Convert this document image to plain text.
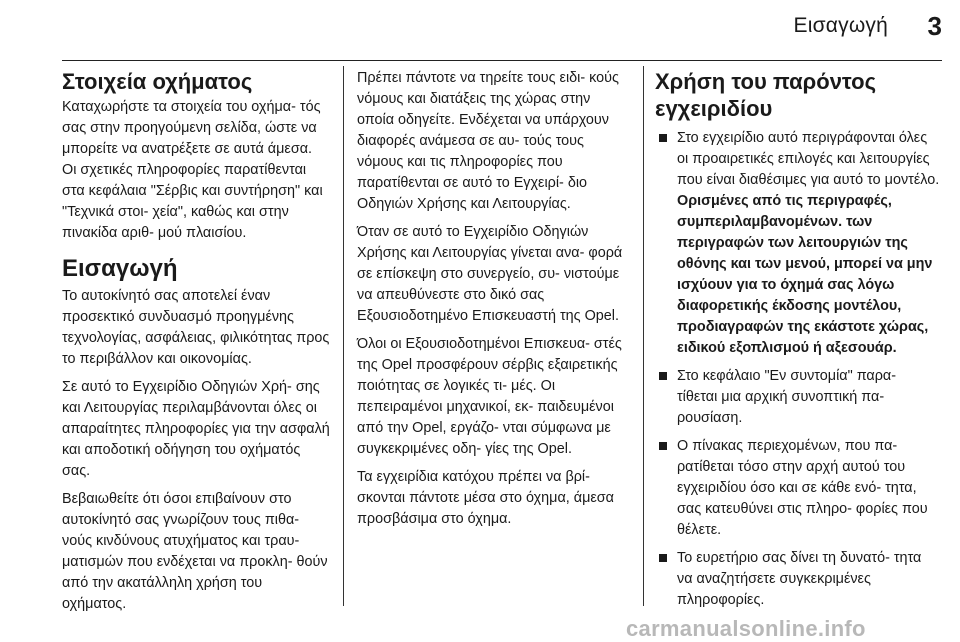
Εισαγωγή 3
Στοιχεία οχήματος

Καταχωρήστε τα στοιχεία του οχήμα- τός σας στην προηγούμενη σελίδα, ώστε να μπορείτε να ανατρέξετε σε αυτά άμεσα. Οι σχετικές πληροφορίες παρατίθενται στα κεφάλαια "Σέρβις και συντήρηση" και "Τεχνικά στοι- χεία", καθώς και στην πινακίδα αριθ- μού πλαισίου.

Εισαγωγή

Το αυτοκίνητό σας αποτελεί έναν προσεκτικό συνδυασμό προηγμένης τεχνολογίας, ασφάλειας, φιλικότητας προς το περιβάλλον και οικονομίας.

Σε αυτό το Εγχειρίδιο Οδηγιών Χρή- σης και Λειτουργίας περιλαμβάνονται όλες οι απαραίτητες πληροφορίες για την ασφαλή και αποδοτική οδήγηση του οχήματός σας.

Βεβαιωθείτε ότι όσοι επιβαίνουν στο αυτοκίνητό σας γνωρίζουν τους πιθα- νούς κινδύνους ατυχήματος και τραυ- ματισμών που ενδέχεται να προκλη- θούν από την ακατάλληλη χρήση του οχήματος.

Πρέπει πάντοτε να τηρείτε τους ειδι- κούς νόμους και διατάξεις της χώρας στην οποία οδηγείτε. Ενδέχεται να υπάρχουν διαφορές ανάμεσα σε αυ- τούς τους νόμους και τις πληροφορίες που παρατίθενται σε αυτό το Εγχειρί- διο Οδηγιών Χρήσης και Λειτουργίας.

Όταν σε αυτό το Εγχειρίδιο Οδηγιών Χρήσης και Λειτουργίας γίνεται ανα- φορά σε επίσκεψη στο συνεργείο, συ- νιστούμε να απευθύνεστε στο δικό σας Εξουσιοδοτημένο Επισκευαστή της Opel.

Όλοι οι Εξουσιοδοτημένοι Επισκευα- στές της Opel προσφέρουν σέρβις εξαιρετικής ποιότητας σε λογικές τι- μές. Οι πεπειραμένοι μηχανικοί, εκ- παιδευμένοι από την Opel, εργάζο- νται σύμφωνα με συγκεκριμένες οδη- γίες της Opel.

Τα εγχειρίδια κατόχου πρέπει να βρί- σκονται πάντοτε μέσα στο όχημα, άμεσα προσβάσιμα στο όχημα.

Χρήση του παρόντος εγχειριδίου
Στο εγχειρίδιο αυτό περιγράφονται όλες οι προαιρετικές επιλογές και λειτουργίες που είναι διαθέσιμες για αυτό το μοντέλο. Ορισμένες από τις περιγραφές, συμπεριλαμβανομένων. των περιγραφών των λειτουργιών της οθόνης και των μενού, μπορεί να μην ισχύουν για το όχημά σας λόγω διαφορετικής έκδοσης μοντέλου, προδιαγραφών της εκάστοτε χώρας, ειδικού εξοπλισμού ή αξεσουάρ.
Στο κεφάλαιο "Εν συντομία" παρα- τίθεται μια αρχική συνοπτική πα- ρουσίαση.
Ο πίνακας περιεχομένων, που πα- ρατίθεται τόσο στην αρχή αυτού του εγχειριδίου όσο και σε κάθε ενό- τητα, σας κατευθύνει στις πληρο- φορίες που θέλετε.
Το ευρετήριο σας δίνει τη δυνατό- τητα να αναζητήσετε συγκεκριμένες πληροφορίες.
carmanualsonline.info
